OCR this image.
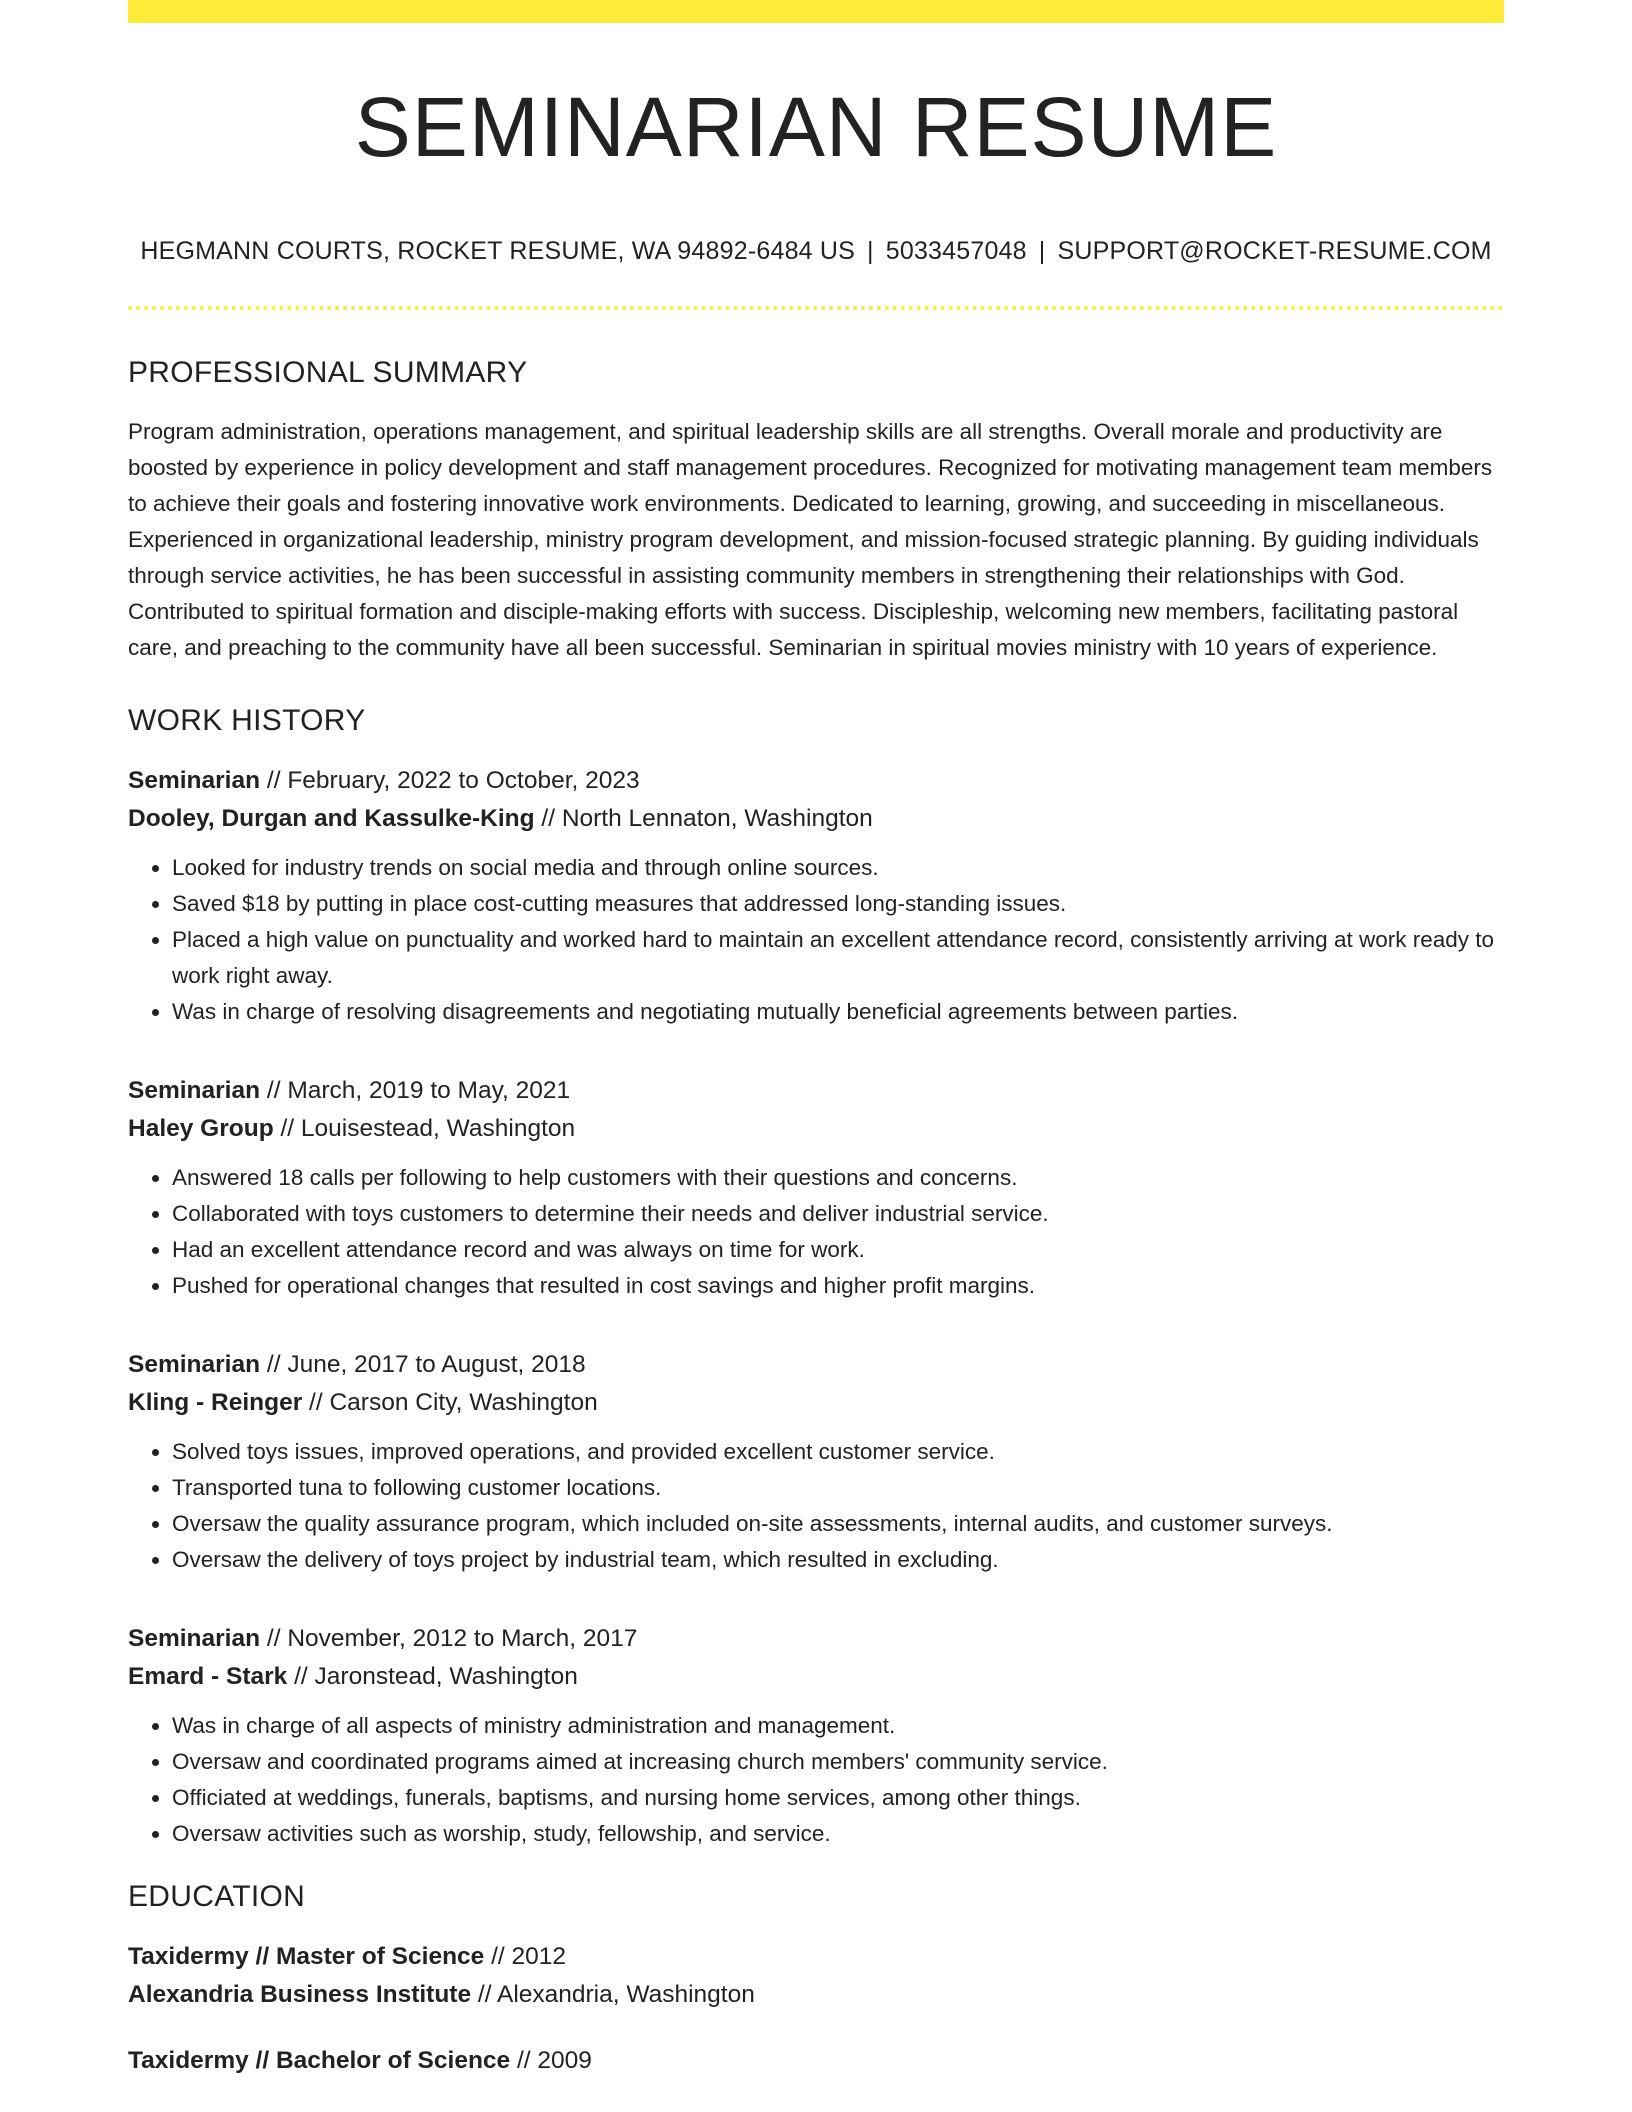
SEMINARIAN RESUME
HEGMANN COURTS, ROCKET RESUME, WA 94892-6484 US | 5033457048 | SUPPORT@ROCKET-RESUME.COM
PROFESSIONAL SUMMARY

Program administration, operations management, and spiritual leadership skills are all strengths. Overall morale and productivity are boosted by experience in policy development and staff management procedures. Recognized for motivating management team members to achieve their goals and fostering innovative work environments. Dedicated to learning, growing, and succeeding in miscellaneous. Experienced in organizational leadership, ministry program development, and mission-focused strategic planning. By guiding individuals through service activities, he has been successful in assisting community members in strengthening their relationships with God. Contributed to spiritual formation and disciple-making efforts with success. Discipleship, welcoming new members, facilitating pastoral care, and preaching to the community have all been successful. Seminarian in spiritual movies ministry with 10 years of experience.

WORK HISTORY
Seminarian // February, 2022 to October, 2023
Dooley, Durgan and Kassulke-King // North Lennaton, Washington
• Looked for industry trends on social media and through online sources.
• Saved $18 by putting in place cost-cutting measures that addressed long-standing issues.
• Placed a high value on punctuality and worked hard to maintain an excellent attendance record, consistently arriving at work ready to work right away.
• Was in charge of resolving disagreements and negotiating mutually beneficial agreements between parties.
Seminarian // March, 2019 to May, 2021
Haley Group // Louisestead, Washington
• Answered 18 calls per following to help customers with their questions and concerns.
• Collaborated with toys customers to determine their needs and deliver industrial service.
• Had an excellent attendance record and was always on time for work.
• Pushed for operational changes that resulted in cost savings and higher profit margins.
Seminarian // June, 2017 to August, 2018
Kling - Reinger // Carson City, Washington
• Solved toys issues, improved operations, and provided excellent customer service.
• Transported tuna to following customer locations.
• Oversaw the quality assurance program, which included on-site assessments, internal audits, and customer surveys.
• Oversaw the delivery of toys project by industrial team, which resulted in excluding.
Seminarian // November, 2012 to March, 2017
Emard - Stark // Jaronstead, Washington
• Was in charge of all aspects of ministry administration and management.
• Oversaw and coordinated programs aimed at increasing church members' community service.
• Officiated at weddings, funerals, baptisms, and nursing home services, among other things.
• Oversaw activities such as worship, study, fellowship, and service.
EDUCATION
Taxidermy // Master of Science // 2012
Alexandria Business Institute // Alexandria, Washington
Taxidermy // Bachelor of Science // 2009
